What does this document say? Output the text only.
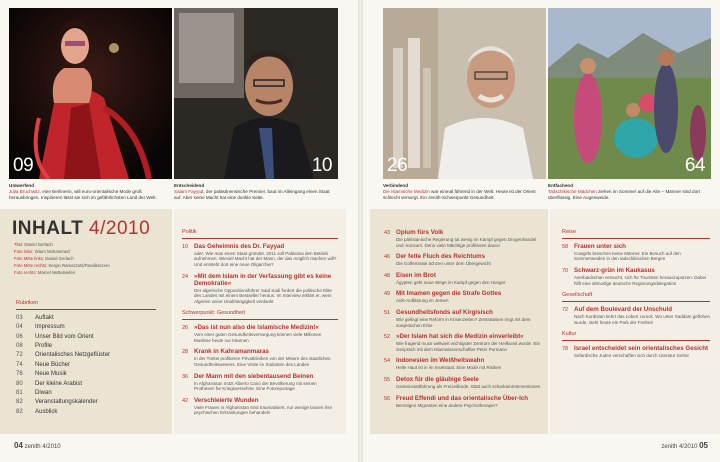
09	10	26	64
Umwerfend
Julia Bruchwitz, eine Berlinerin, will euro-orientalische Mode groß herausbringen. Inspirieren lässt sie sich im gefährlichsten Land der Welt.
Entscheidend
Salam Fayyad, der palästinensische Premier, baut im Alleingang einen Staat auf. Aber seine Macht hat eine dunkle Seite.
Verbindend
Die islamische Medizin war einmal führend in der Welt. Heute ist der Orient schlecht versorgt. Ein zenith-Schwerpunkt Gesundheit.
Entfachend
Tadschikische Mädchen ziehen im Sommer auf die Alm – Männer sind dort überflüssig. Eine Augenweide.
INHALT 4/2010
Titel: Daniel Gerlach
Foto links: Wiam Mohammed
Foto Mitte links: Daniel Gerlach
Foto Mitte rechts: Sergio Ramazzotti/Parallelozero
Foto rechts: Marcel Mettelsiefen
Rubriken
03	Auftakt
04	Impressum
06	Unser Bild vom Orient
08	Profile
72	Orientalisches Netzgeflüster
74	Neue Bücher
76	Neue Musik
80	Der kleine Arabist
81	Diwan
82	Veranstaltungskalender
82	Ausblick
Politik
10 Das Geheimnis des Dr. Fayyad
oder: Wie man einen Staat gründet. 2011 soll Palästina den Betrieb aufnehmen. Wieviel Macht hat der Mann, der das möglich machen will? Und entsteht dort eine neue Oligarchie?
24 »Mit dem Islam in der Verfassung gibt es keine Demokratie«
Der algerische Oppositionsführer Said Sadi fordert die politische Elite des Landes mit einem Bestseller heraus. Im Interview erklärt er, wem Algerien seine Unabhängigkeit verdankt
Schwerpunkt: Gesundheit
26 »Das ist nun also die islamische Medizin!«
Vom einer guten Gesundheitsversorgung können viele Millionen Muslime heute nur träumen
28 Krank in Kahramanmaras
In der Türkei profitieren Privatkliniken von der Misere des staatlichen Gesundheitswesens. Eine Visite im Südosten des Landes
36 Der Mann mit den siebentausend Beinen
In Afghanistan nützt Alberto Cairo der Bevölkerung mit seinen Prothesen für Kriegsversehrte. Eine Fotoreportage
42 Verschleierte Wunden
Viele Frauen in Afghanistan sind traumatisiert, nur wenige lassen ihre psychischen Erkrankungen behandeln
43 Opium fürs Volk
Die pakistanische Regierung tut wenig im Kampf gegen Drogenhandel und -konsum. Denn viele Mächtige profitieren davon
46 Der fette Fluch des Reichtums
Die Golfemirate ächzen unter dem Übergewicht
48 Eisen im Brot
Ägypten geht neue Wege im Kampf gegen den Hunger
49 Mit Imamen gegen die Strafe Gottes
Aids-Aufklärung im Jemen
51 Gesundheitsfonds auf Kirgisisch
Wie gelingt eine Reform in Krisenzeiten? Zentralasien ringt mit dem sowjetischen Erbe
52 »Der Islam hat sich die Medizin einverleibt«
Wie fragend muss weltweit wichtigster Zentrum der Heilkunst wurde. Ein Gespräch mit dem Islamwissenschaftler Peter Pormann
54 Indonesien im Weißheitswahn
Helle Haut ist in im Inselstaat. Eine Mode mit Risiken
55 Detox für die gläubige Seele
Gesteinstattführung als Freizeitbode. Statt auch scharkamInterventionen
56 Freud Effendi und das orientalische Über-Ich
Benötigen Migranten eine andere Psychotherapie?
Reise
58 Frauen unter sich
Cowgirls breschen keine Männer. Ein Besuch auf den Sommerweiden in den tadschikischen Bergen
70 Schwarz-grün im Kaukasus
Aserbaidschan versucht, sich für Touristen herauszuputzen. Dabei hilft eine altmodige deutsche Regierungsdelegation
Gesellschaft
72 Auf dem Boulevard der Unschuld
Nach Kurdistan kehrt das Leben zurück. Wo unter Saddam geflohen wurde, steht heute ein Park der Freiheit
Kultur
78 Israel entscheidet sein orientalisches Gesicht
Sefardische Juden verschaffen sich durch Literatur Gehör
04 zenith 4/2010	zenith 4/2010 05
